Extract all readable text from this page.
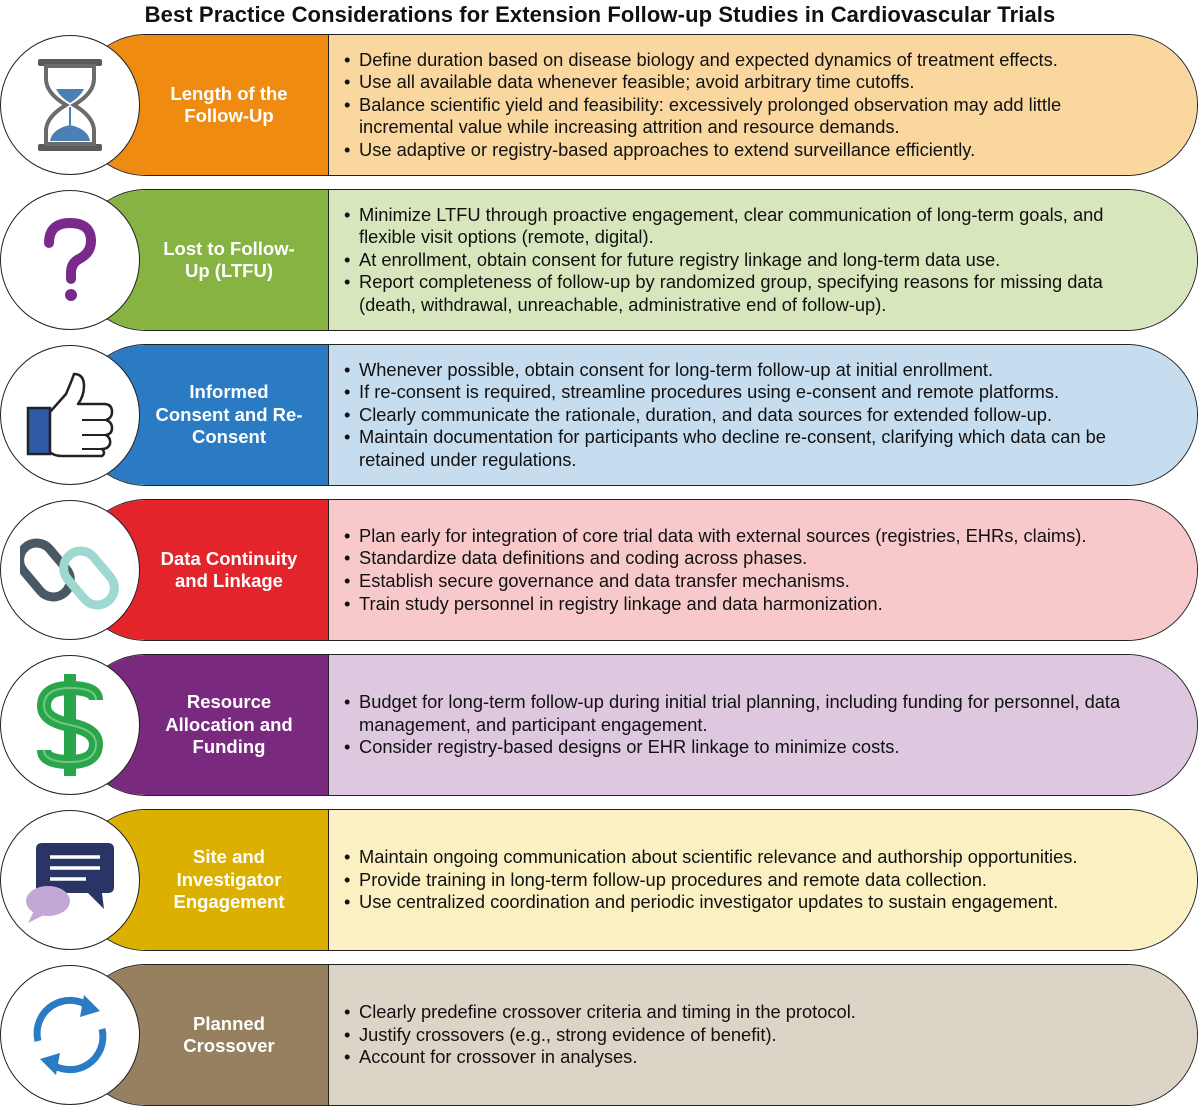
Best Practice Considerations for Extension Follow-up Studies in Cardiovascular Trials
Length of the Follow-Up
• Define duration based on disease biology and expected dynamics of treatment effects.
• Use all available data whenever feasible; avoid arbitrary time cutoffs.
• Balance scientific yield and feasibility: excessively prolonged observation may add little incremental value while increasing attrition and resource demands.
• Use adaptive or registry-based approaches to extend surveillance efficiently.
Lost to Follow-Up (LTFU)
• Minimize LTFU through proactive engagement, clear communication of long-term goals, and flexible visit options (remote, digital).
• At enrollment, obtain consent for future registry linkage and long-term data use.
• Report completeness of follow-up by randomized group, specifying reasons for missing data (death, withdrawal, unreachable, administrative end of follow-up).
Informed Consent and Re-Consent
• Whenever possible, obtain consent for long-term follow-up at initial enrollment.
• If re-consent is required, streamline procedures using e-consent and remote platforms.
• Clearly communicate the rationale, duration, and data sources for extended follow-up.
• Maintain documentation for participants who decline re-consent, clarifying which data can be retained under regulations.
Data Continuity and Linkage
• Plan early for integration of core trial data with external sources (registries, EHRs, claims).
• Standardize data definitions and coding across phases.
• Establish secure governance and data transfer mechanisms.
• Train study personnel in registry linkage and data harmonization.
Resource Allocation and Funding
• Budget for long-term follow-up during initial trial planning, including funding for personnel, data management, and participant engagement.
• Consider registry-based designs or EHR linkage to minimize costs.
Site and Investigator Engagement
• Maintain ongoing communication about scientific relevance and authorship opportunities.
• Provide training in long-term follow-up procedures and remote data collection.
• Use centralized coordination and periodic investigator updates to sustain engagement.
Planned Crossover
• Clearly predefine crossover criteria and timing in the protocol.
• Justify crossovers (e.g., strong evidence of benefit).
• Account for crossover in analyses.
